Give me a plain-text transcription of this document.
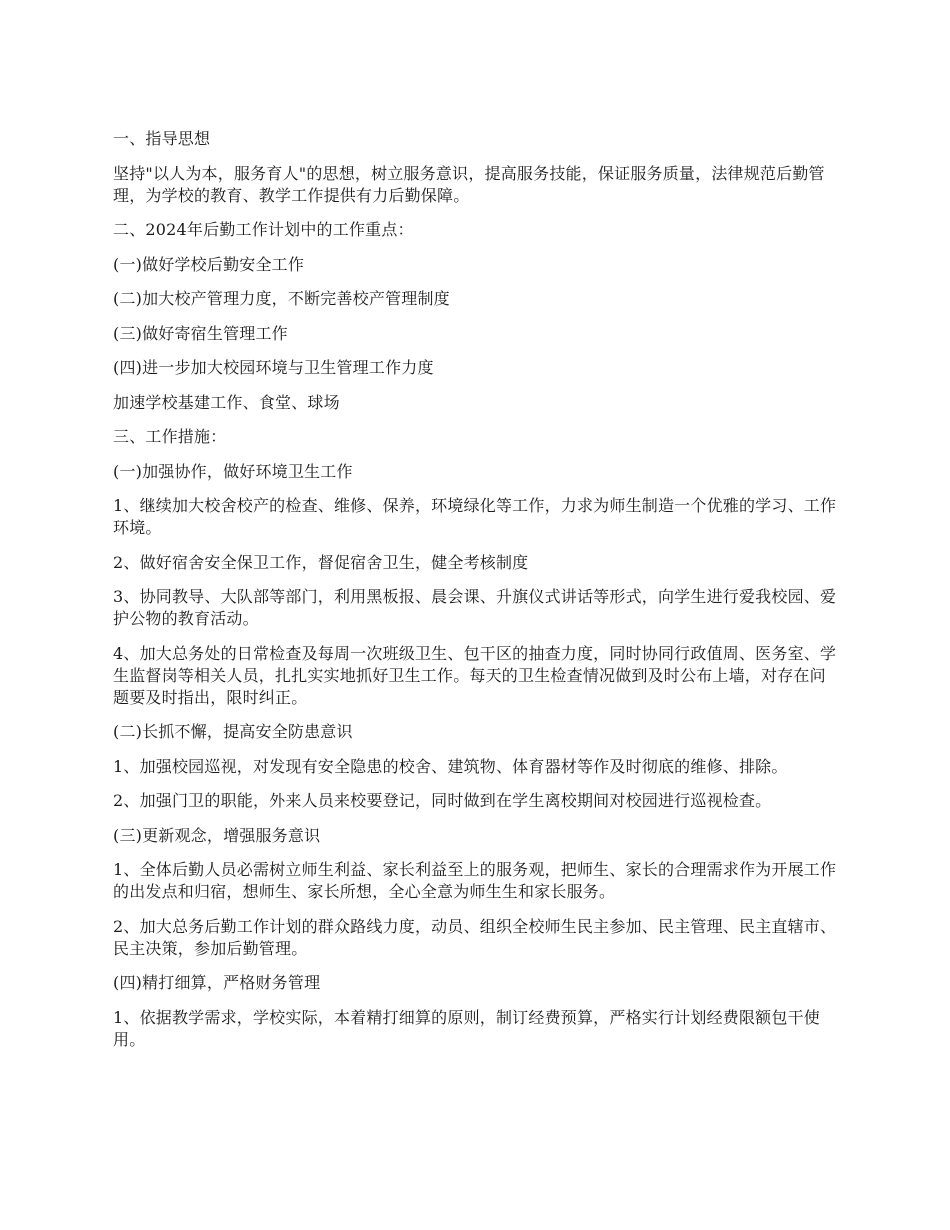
一、指导思想

坚持"以人为本，服务育人"的思想，树立服务意识，提高服务技能，保证服务质量，法律规范后勤管理，为学校的教育、教学工作提供有力后勤保障。

二、2024年后勤工作计划中的工作重点：

(一)做好学校后勤安全工作

(二)加大校产管理力度，不断完善校产管理制度

(三)做好寄宿生管理工作

(四)进一步加大校园环境与卫生管理工作力度

加速学校基建工作、食堂、球场

三、工作措施：

(一)加强协作，做好环境卫生工作

1、继续加大校舍校产的检查、维修、保养，环境绿化等工作，力求为师生制造一个优雅的学习、工作环境。

2、做好宿舍安全保卫工作，督促宿舍卫生，健全考核制度

3、协同教导、大队部等部门，利用黑板报、晨会课、升旗仪式讲话等形式，向学生进行爱我校园、爱护公物的教育活动。

4、加大总务处的日常检查及每周一次班级卫生、包干区的抽查力度，同时协同行政值周、医务室、学生监督岗等相关人员，扎扎实实地抓好卫生工作。每天的卫生检查情况做到及时公布上墙，对存在问题要及时指出，限时纠正。

(二)长抓不懈，提高安全防患意识

1、加强校园巡视，对发现有安全隐患的校舍、建筑物、体育器材等作及时彻底的维修、排除。

2、加强门卫的职能，外来人员来校要登记，同时做到在学生离校期间对校园进行巡视检查。

(三)更新观念，增强服务意识

1、全体后勤人员必需树立师生利益、家长利益至上的服务观，把师生、家长的合理需求作为开展工作的出发点和归宿，想师生、家长所想，全心全意为师生生和家长服务。

2、加大总务后勤工作计划的群众路线力度，动员、组织全校师生民主参加、民主管理、民主直辖市、民主决策，参加后勤管理。

(四)精打细算，严格财务管理

1、依据教学需求，学校实际，本着精打细算的原则，制订经费预算，严格实行计划经费限额包干使用。
